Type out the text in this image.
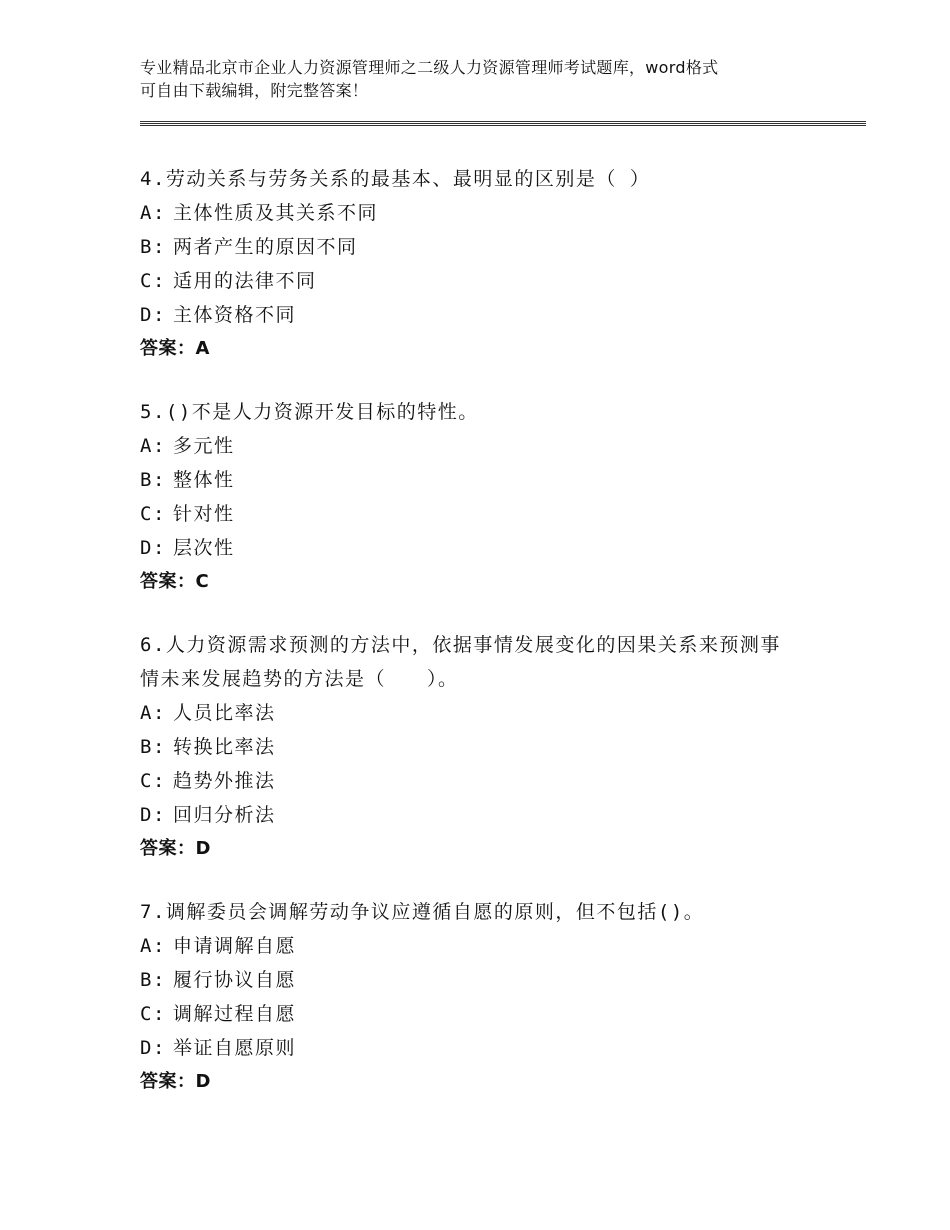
专业精品北京市企业人力资源管理师之二级人力资源管理师考试题库，word格式
可自由下载编辑，附完整答案！

4.劳动关系与劳务关系的最基本、最明显的区别是（ ）

A: 主体性质及其关系不同

B: 两者产生的原因不同

C: 适用的法律不同

D: 主体资格不同

答案：A

5.()不是人力资源开发目标的特性。

A: 多元性

B: 整体性

C: 针对性

D: 层次性

答案：C

6.人力资源需求预测的方法中，依据事情发展变化的因果关系来预测事情未来发展趋势的方法是（　　）。

A: 人员比率法

B: 转换比率法

C: 趋势外推法

D: 回归分析法

答案：D

7.调解委员会调解劳动争议应遵循自愿的原则，但不包括()。

A: 申请调解自愿

B: 履行协议自愿

C: 调解过程自愿

D: 举证自愿原则

答案：D
